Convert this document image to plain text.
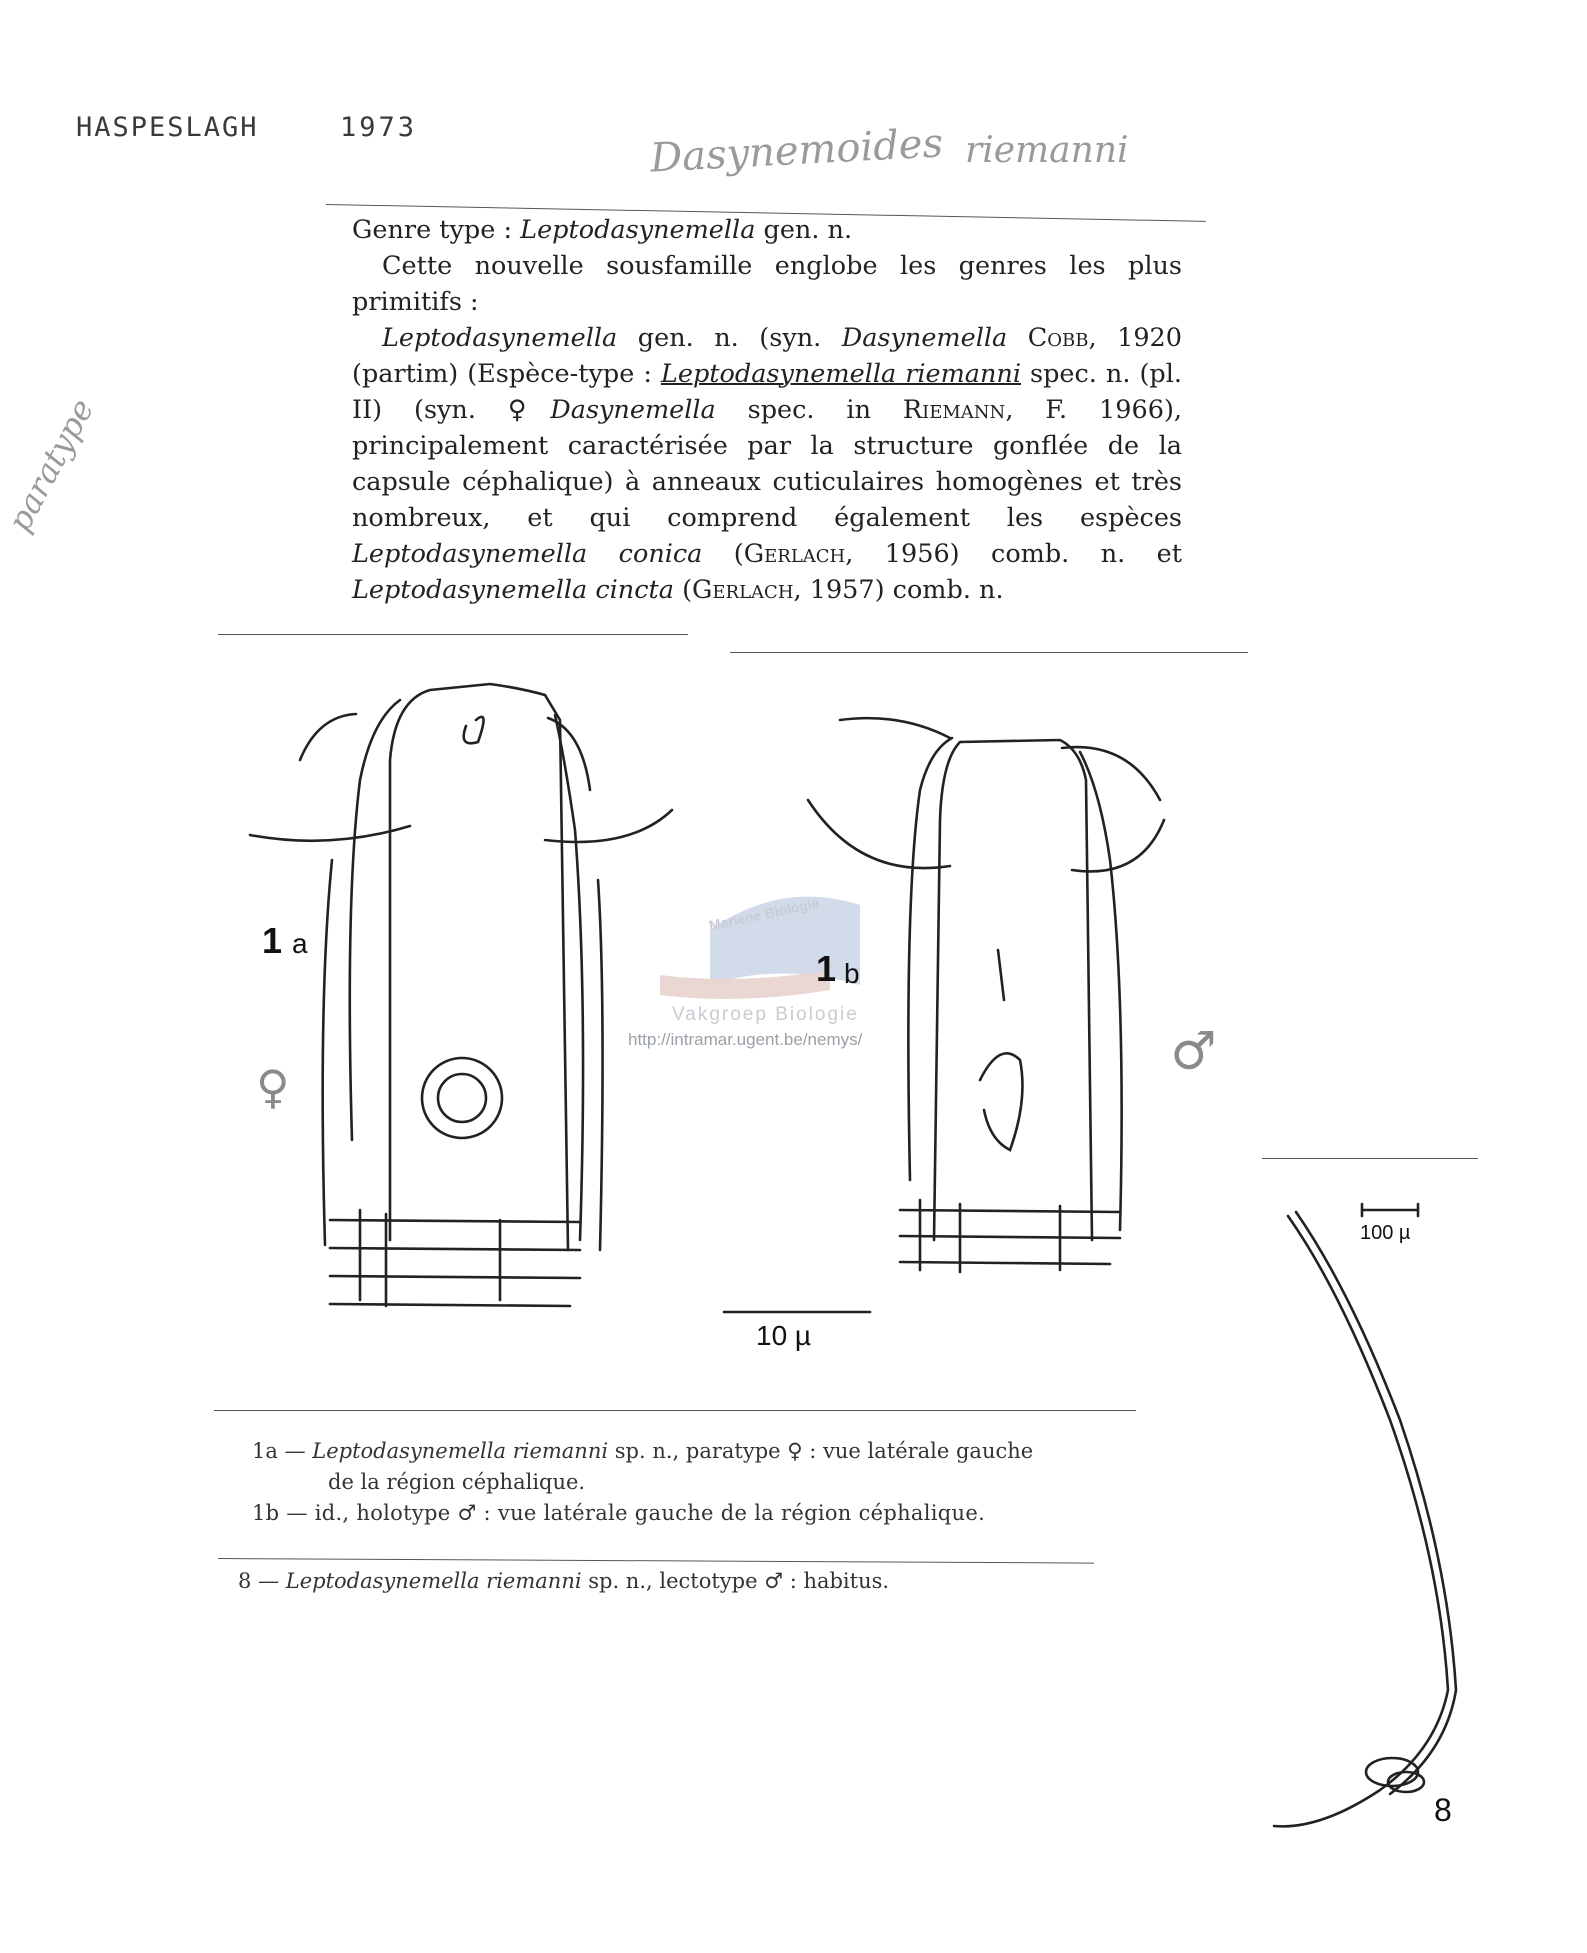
HASPESLAGH	1973	Dasynemoides riemanni
paratype
♀
♂

Genre type : Leptodasynemella gen. n.

Cette nouvelle sousfamille englobe les genres les plus primitifs :

Leptodasynemella gen. n. (syn. Dasynemella Cobb, 1920 (partim) (Espèce-type : Leptodasynemella riemanni spec. n. (pl. II) (syn. ♀Dasynemella spec. in Riemann, F. 1966), principalement caractérisée par la structure gonflée de la capsule céphalique) à anneaux cuticulaires homogènes et très nombreux, et qui comprend également les espèces Leptodasynemella conica (Gerlach, 1956) comb. n. et Leptodasynemella cincta (Gerlach, 1957) comb. n.

1 a
1 b
10 µ
100 µ
8
Mariene Biologie
Vakgroep Biologie
http://intramar.ugent.be/nemys/
1a — Leptodasynemella riemanni sp. n., paratype ♀ : vue latérale gauche
de la région céphalique.
1b — id., holotype ♂ : vue latérale gauche de la région céphalique.
8 — Leptodasynemella riemanni sp. n., lectotype ♂ : habitus.
